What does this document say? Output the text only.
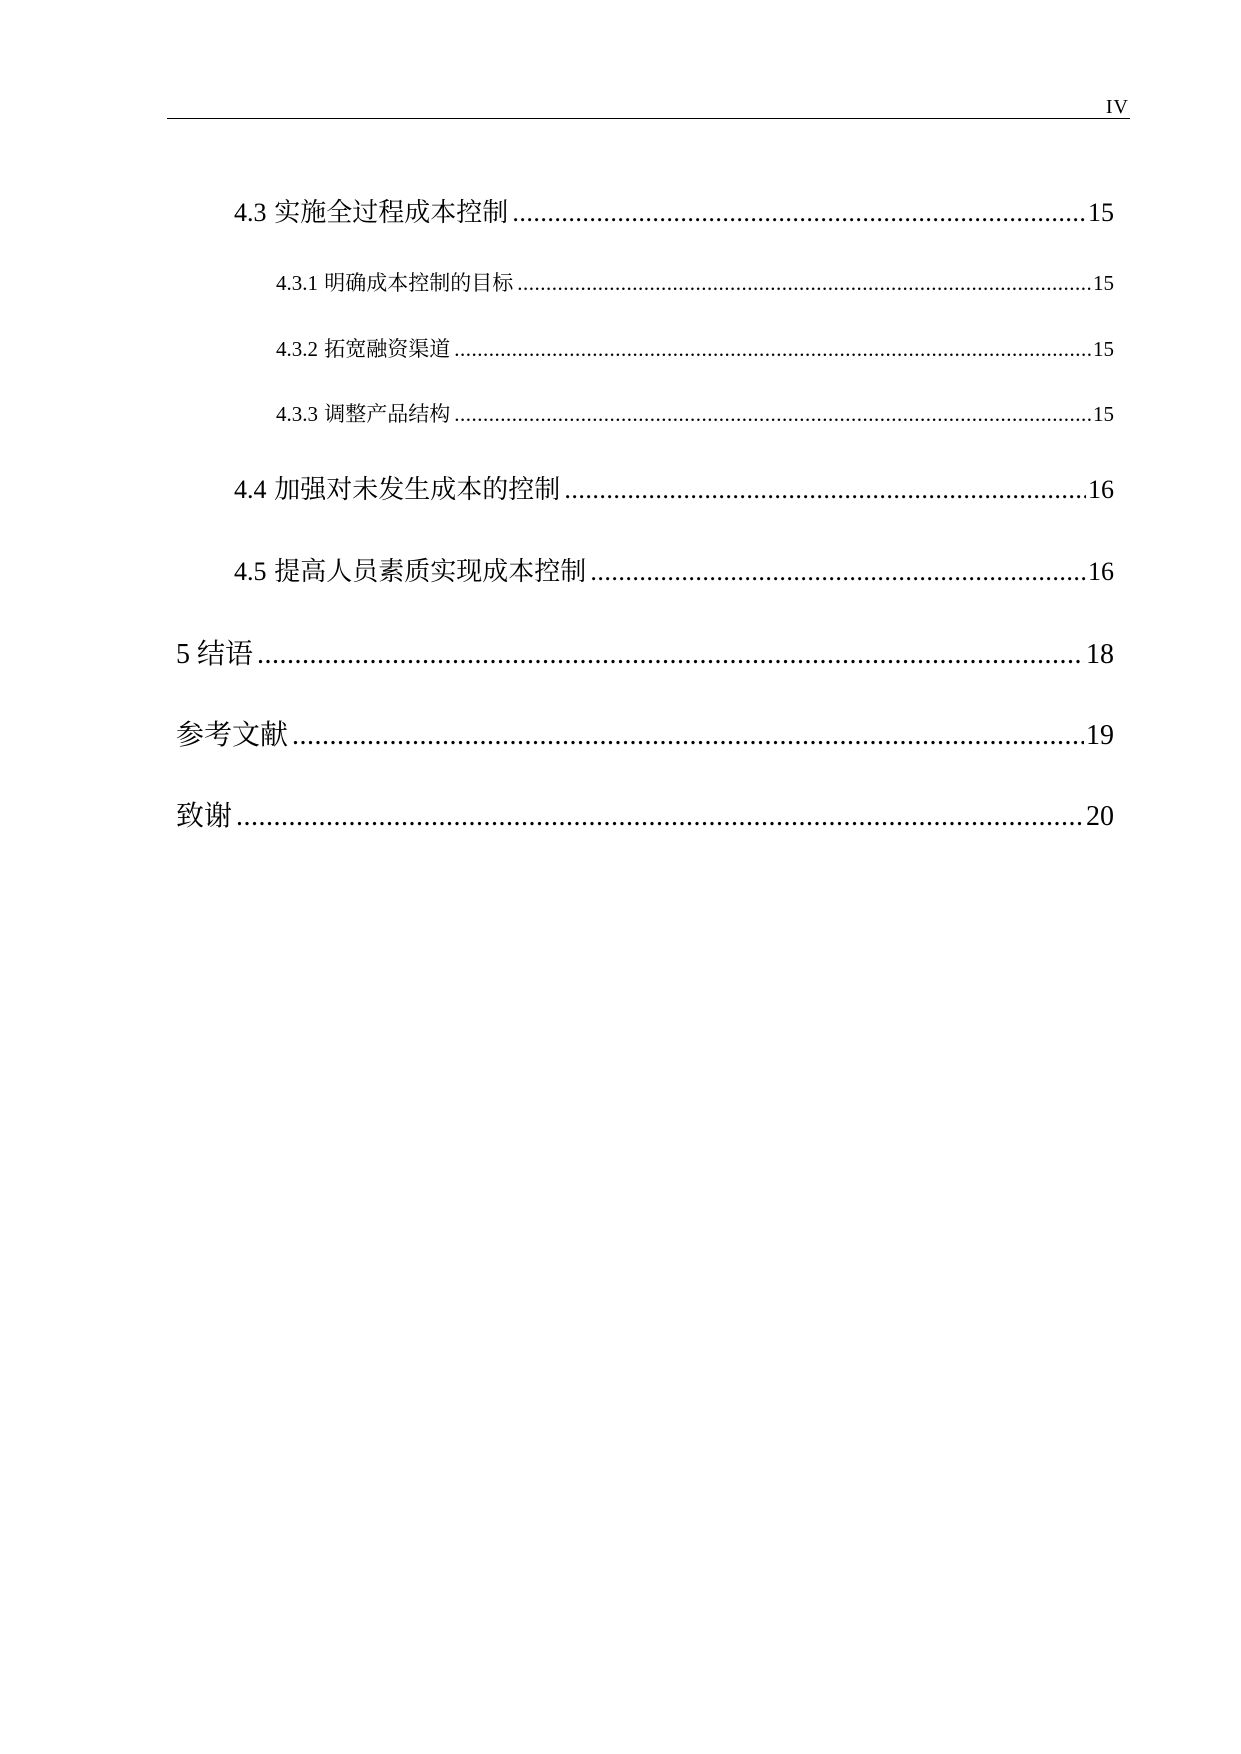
IV
4.3 实施全过程成本控制 .....	15
4.3.1 明确成本控制的目标 .....	15
4.3.2 拓宽融资渠道 .....	15
4.3.3 调整产品结构 .....	15
4.4 加强对未发生成本的控制 .....	16
4.5 提高人员素质实现成本控制 .....	16
5 结语 .....	18
参考文献 .....	19
致谢 .....	20
